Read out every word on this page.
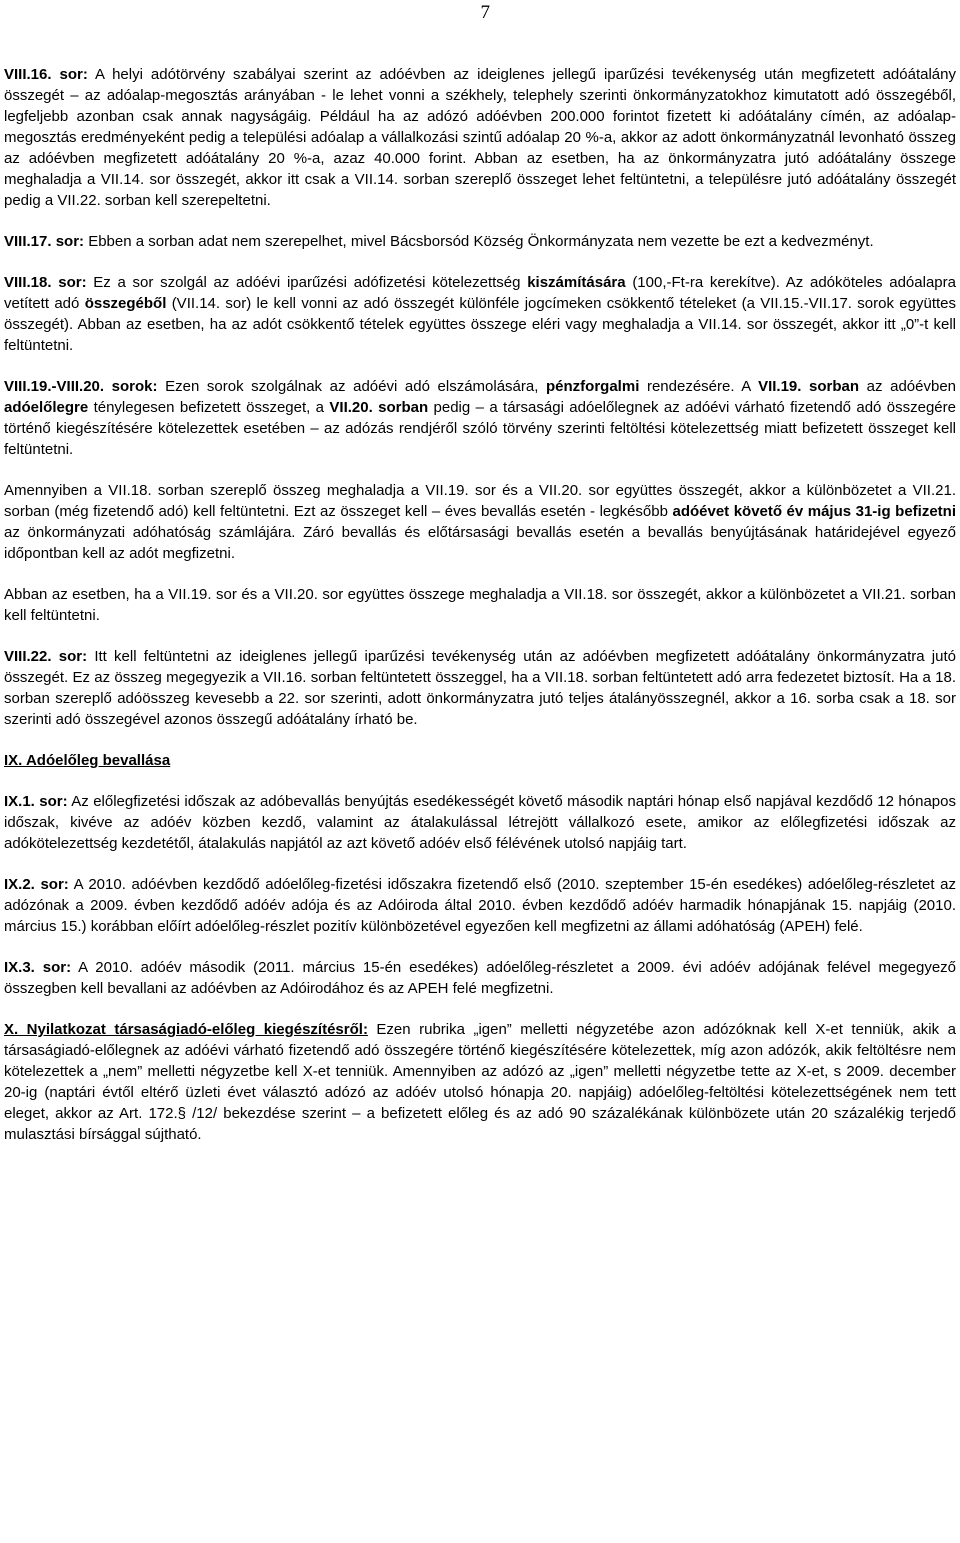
7

VIII.16. sor: A helyi adótörvény szabályai szerint az adóévben az ideiglenes jellegű iparűzési tevékenység után megfizetett adóátalány összegét – az adóalap-megosztás arányában - le lehet vonni a székhely, telephely szerinti önkormányzatokhoz kimutatott adó összegéből, legfeljebb azonban csak annak nagyságáig. Például ha az adózó adóévben 200.000 forintot fizetett ki adóátalány címén, az adóalap-megosztás eredményeként pedig a települési adóalap a vállalkozási szintű adóalap 20 %-a, akkor az adott önkormányzatnál levonható összeg az adóévben megfizetett adóátalány 20 %-a, azaz 40.000 forint. Abban az esetben, ha az önkormányzatra jutó adóátalány összege meghaladja a VII.14. sor összegét, akkor itt csak a VII.14. sorban szereplő összeget lehet feltüntetni, a településre jutó adóátalány összegét pedig a VII.22. sorban kell szerepeltetni.

VIII.17. sor: Ebben a sorban adat nem szerepelhet, mivel Bácsborsód Község Önkormányzata nem vezette be ezt a kedvezményt.

VIII.18. sor: Ez a sor szolgál az adóévi iparűzési adófizetési kötelezettség kiszámítására (100,-Ft-ra kerekítve). Az adóköteles adóalapra vetített adó összegéből (VII.14. sor) le kell vonni az adó összegét különféle jogcímeken csökkentő tételeket (a VII.15.-VII.17. sorok együttes összegét). Abban az esetben, ha az adót csökkentő tételek együttes összege eléri vagy meghaladja a VII.14. sor összegét, akkor itt „0”-t kell feltüntetni.

VIII.19.-VIII.20. sorok: Ezen sorok szolgálnak az adóévi adó elszámolására, pénzforgalmi rendezésére. A VII.19. sorban az adóévben adóelőlegre ténylegesen befizetett összeget, a VII.20. sorban pedig – a társasági adóelőlegnek az adóévi várható fizetendő adó összegére történő kiegészítésére kötelezettek esetében – az adózás rendjéről szóló törvény szerinti feltöltési kötelezettség miatt befizetett összeget kell feltüntetni.

Amennyiben a VII.18. sorban szereplő összeg meghaladja a VII.19. sor és a VII.20. sor együttes összegét, akkor a különbözetet a VII.21. sorban (még fizetendő adó) kell feltüntetni. Ezt az összeget kell – éves bevallás esetén - legkésőbb adóévet követő év május 31-ig befizetni az önkormányzati adóhatóság számlájára. Záró bevallás és előtársasági bevallás esetén a bevallás benyújtásának határidejével egyező időpontban kell az adót megfizetni.

Abban az esetben, ha a VII.19. sor és a VII.20. sor együttes összege meghaladja a VII.18. sor összegét, akkor a különbözetet a VII.21. sorban kell feltüntetni.

VIII.22. sor: Itt kell feltüntetni az ideiglenes jellegű iparűzési tevékenység után az adóévben megfizetett adóátalány önkormányzatra jutó összegét. Ez az összeg megegyezik a VII.16. sorban feltüntetett összeggel, ha a VII.18. sorban feltüntetett adó arra fedezetet biztosít. Ha a 18. sorban szereplő adóösszeg kevesebb a 22. sor szerinti, adott önkormányzatra jutó teljes átalányösszegnél, akkor a 16. sorba csak a 18. sor szerinti adó összegével azonos összegű adóátalány írható be.

IX. Adóelőleg bevallása

IX.1. sor: Az előlegfizetési időszak az adóbevallás benyújtás esedékességét követő második naptári hónap első napjával kezdődő 12 hónapos időszak, kivéve az adóév közben kezdő, valamint az átalakulással létrejött vállalkozó esete, amikor az előlegfizetési időszak az adókötelezettség kezdetétől, átalakulás napjától az azt követő adóév első félévének utolsó napjáig tart.

IX.2. sor: A 2010. adóévben kezdődő adóelőleg-fizetési időszakra fizetendő első (2010. szeptember 15-én esedékes) adóelőleg-részletet az adózónak a 2009. évben kezdődő adóév adója és az Adóiroda által 2010. évben kezdődő adóév harmadik hónapjának 15. napjáig (2010. március 15.) korábban előírt adóelőleg-részlet pozitív különbözetével egyezően kell megfizetni az állami adóhatóság (APEH) felé.

IX.3. sor: A 2010. adóév második (2011. március 15-én esedékes) adóelőleg-részletet a 2009. évi adóév adójának felével megegyező összegben kell bevallani az adóévben az Adóirodához és az APEH felé megfizetni.

X. Nyilatkozat társaságiadó-előleg kiegészítésről: Ezen rubrika „igen” melletti négyzetébe azon adózóknak kell X-et tenniük, akik a társaságiadó-előlegnek az adóévi várható fizetendő adó összegére történő kiegészítésére kötelezettek, míg azon adózók, akik feltöltésre nem kötelezettek a „nem” melletti négyzetbe kell X-et tenniük. Amennyiben az adózó az „igen” melletti négyzetbe tette az X-et, s 2009. december 20-ig (naptári évtől eltérő üzleti évet választó adózó az adóév utolsó hónapja 20. napjáig) adóelőleg-feltöltési kötelezettségének nem tett eleget, akkor az Art. 172.§ /12/ bekezdése szerint – a befizetett előleg és az adó 90 százalékának különbözete után 20 százalékig terjedő mulasztási bírsággal sújtható.
